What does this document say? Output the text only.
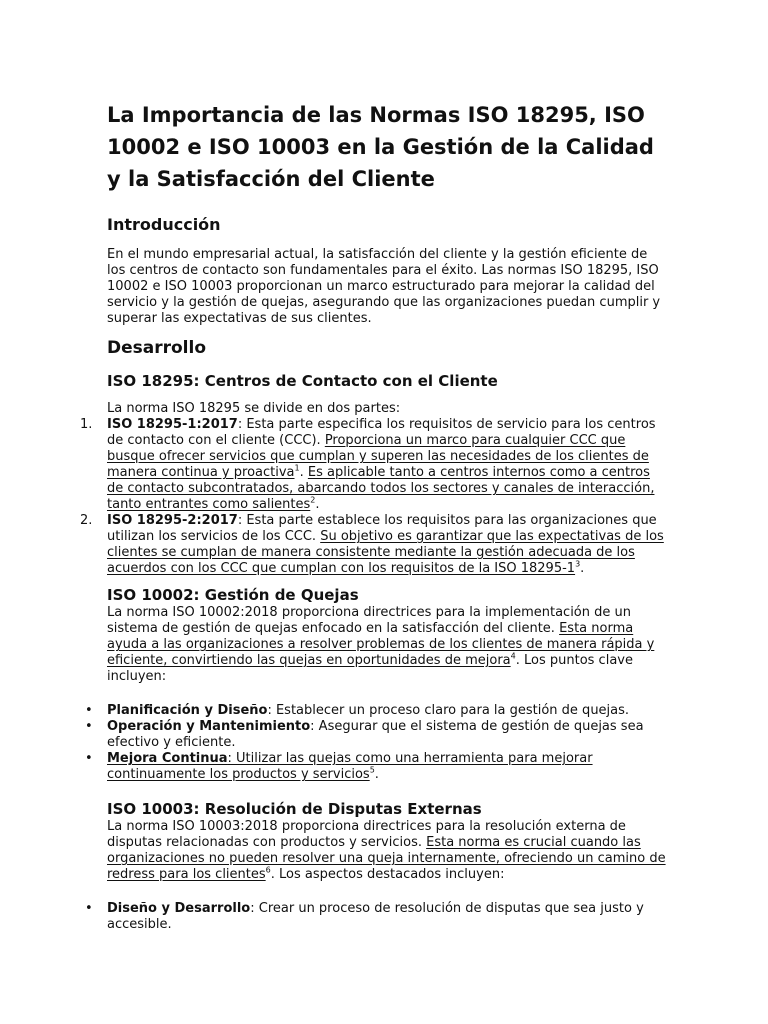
La Importancia de las Normas ISO 18295, ISO 10002 e ISO 10003 en la Gestión de la Calidad y la Satisfacción del Cliente
Introducción

En el mundo empresarial actual, la satisfacción del cliente y la gestión eficiente de los centros de contacto son fundamentales para el éxito. Las normas ISO 18295, ISO 10002 e ISO 10003 proporcionan un marco estructurado para mejorar la calidad del servicio y la gestión de quejas, asegurando que las organizaciones puedan cumplir y superar las expectativas de sus clientes.

Desarrollo
ISO 18295: Centros de Contacto con el Cliente

La norma ISO 18295 se divide en dos partes:

1. ISO 18295-1:2017: Esta parte especifica los requisitos de servicio para los centros de contacto con el cliente (CCC). Proporciona un marco para cualquier CCC que busque ofrecer servicios que cumplan y superen las necesidades de los clientes de manera continua y proactiva$^1$. Es aplicable tanto a centros internos como a centros de contacto subcontratados, abarcando todos los sectores y canales de interacción, tanto entrantes como salientes$^2$.
2. ISO 18295-2:2017: Esta parte establece los requisitos para las organizaciones que utilizan los servicios de los CCC. Su objetivo es garantizar que las expectativas de los clientes se cumplan de manera consistente mediante la gestión adecuada de los acuerdos con los CCC que cumplan con los requisitos de la ISO $18295-1^3$.
ISO 10002: Gestión de Quejas

La norma ISO 10002:2018 proporciona directrices para la implementación de un sistema de gestión de quejas enfocado en la satisfacción del cliente. Esta norma ayuda a las organizaciones a resolver problemas de los clientes de manera rápida y eficiente, convirtiendo las quejas en oportunidades de mejora$^4$. Los puntos clave incluyen:

• Planificación y Diseño: Establecer un proceso claro para la gestión de quejas.
• Operación y Mantenimiento: Asegurar que el sistema de gestión de quejas sea efectivo y eficiente.
• Mejora Continua: Utilizar las quejas como una herramienta para mejorar continuamente los productos y servicios$^5$.
ISO 10003: Resolución de Disputas Externas

La norma ISO 10003:2018 proporciona directrices para la resolución externa de disputas relacionadas con productos y servicios. Esta norma es crucial cuando las organizaciones no pueden resolver una queja internamente, ofreciendo un camino de redress para los clientes$^6$. Los aspectos destacados incluyen:

• Diseño y Desarrollo: Crear un proceso de resolución de disputas que sea justo y accesible.
